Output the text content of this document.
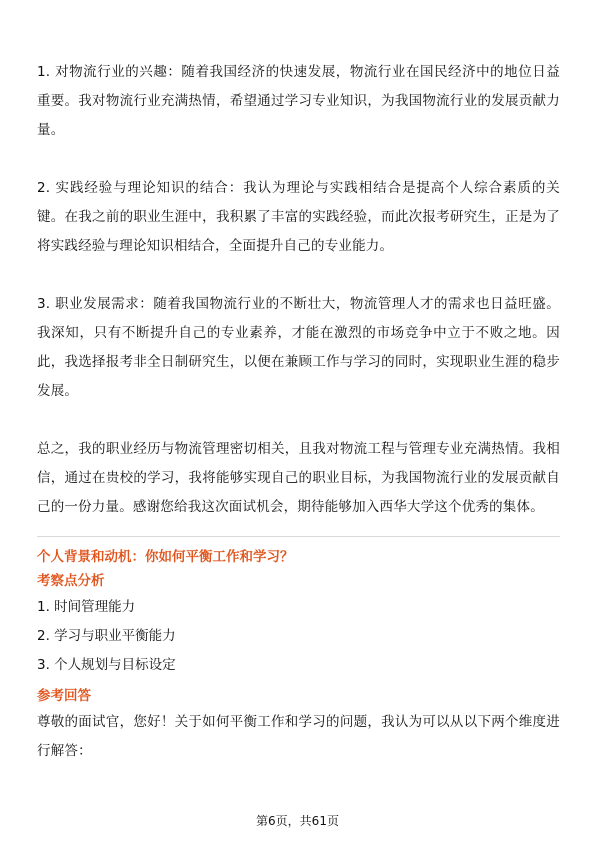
1. 对物流行业的兴趣：随着我国经济的快速发展，物流行业在国民经济中的地位日益重要。我对物流行业充满热情，希望通过学习专业知识，为我国物流行业的发展贡献力量。

2. 实践经验与理论知识的结合：我认为理论与实践相结合是提高个人综合素质的关键。在我之前的职业生涯中，我积累了丰富的实践经验，而此次报考研究生，正是为了将实践经验与理论知识相结合，全面提升自己的专业能力。

3. 职业发展需求：随着我国物流行业的不断壮大，物流管理人才的需求也日益旺盛。我深知，只有不断提升自己的专业素养，才能在激烈的市场竞争中立于不败之地。因此，我选择报考非全日制研究生，以便在兼顾工作与学习的同时，实现职业生涯的稳步发展。

总之，我的职业经历与物流管理密切相关，且我对物流工程与管理专业充满热情。我相信，通过在贵校的学习，我将能够实现自己的职业目标，为我国物流行业的发展贡献自己的一份力量。感谢您给我这次面试机会，期待能够加入西华大学这个优秀的集体。

个人背景和动机：你如何平衡工作和学习？

考察点分析

1. 时间管理能力

2. 学习与职业平衡能力

3. 个人规划与目标设定

参考回答

尊敬的面试官，您好！关于如何平衡工作和学习的问题，我认为可以从以下两个维度进行解答：

第6页，共61页
